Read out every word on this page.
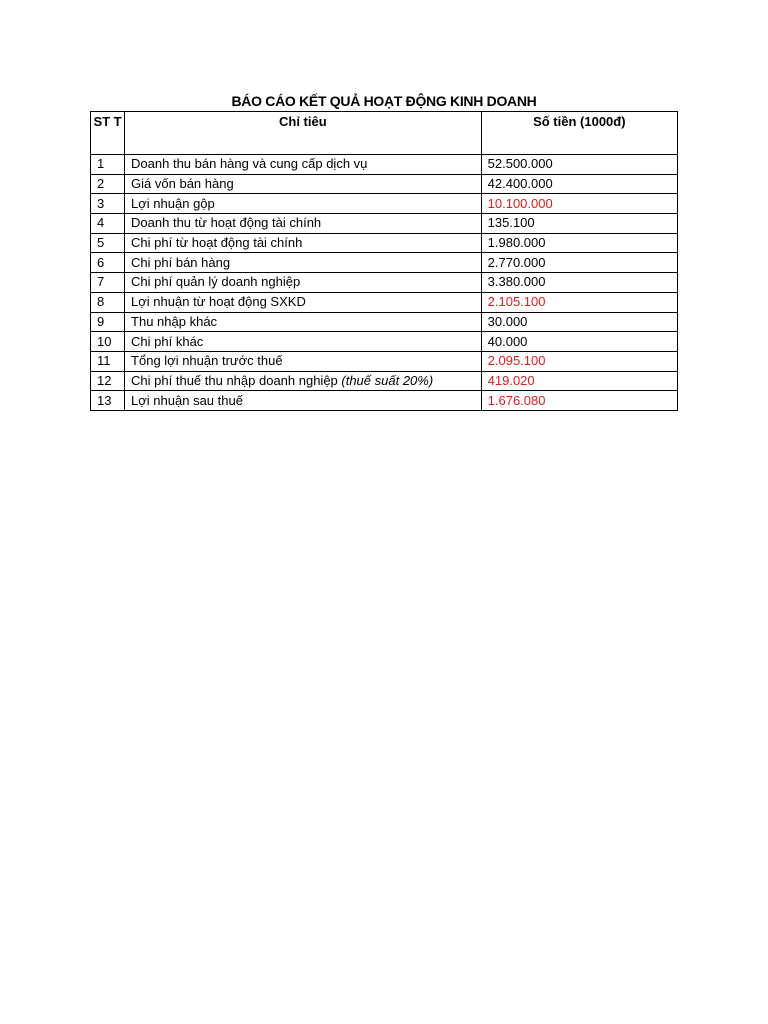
BÁO CÁO KẾT QUẢ HOẠT ĐỘNG KINH DOANH
ST T	Chỉ tiêu	Số tiền (1000đ)
1	Doanh thu bán hàng và cung cấp dịch vụ	52.500.000
2	Giá vốn bán hàng	42.400.000
3	Lợi nhuận gộp	10.100.000
4	Doanh thu từ hoạt động tài chính	135.100
5	Chi phí từ hoạt động tài chính	1.980.000
6	Chi phí bán hàng	2.770.000
7	Chi phí quản lý doanh nghiệp	3.380.000
8	Lợi nhuận từ hoạt động SXKD	2.105.100
9	Thu nhập khác	30.000
10	Chi phí khác	40.000
11	Tổng lợi nhuận trước thuế	2.095.100
12	Chi phí thuế thu nhập doanh nghiệp (thuế suất 20%)	419.020
13	Lợi nhuận sau thuế	1.676.080
